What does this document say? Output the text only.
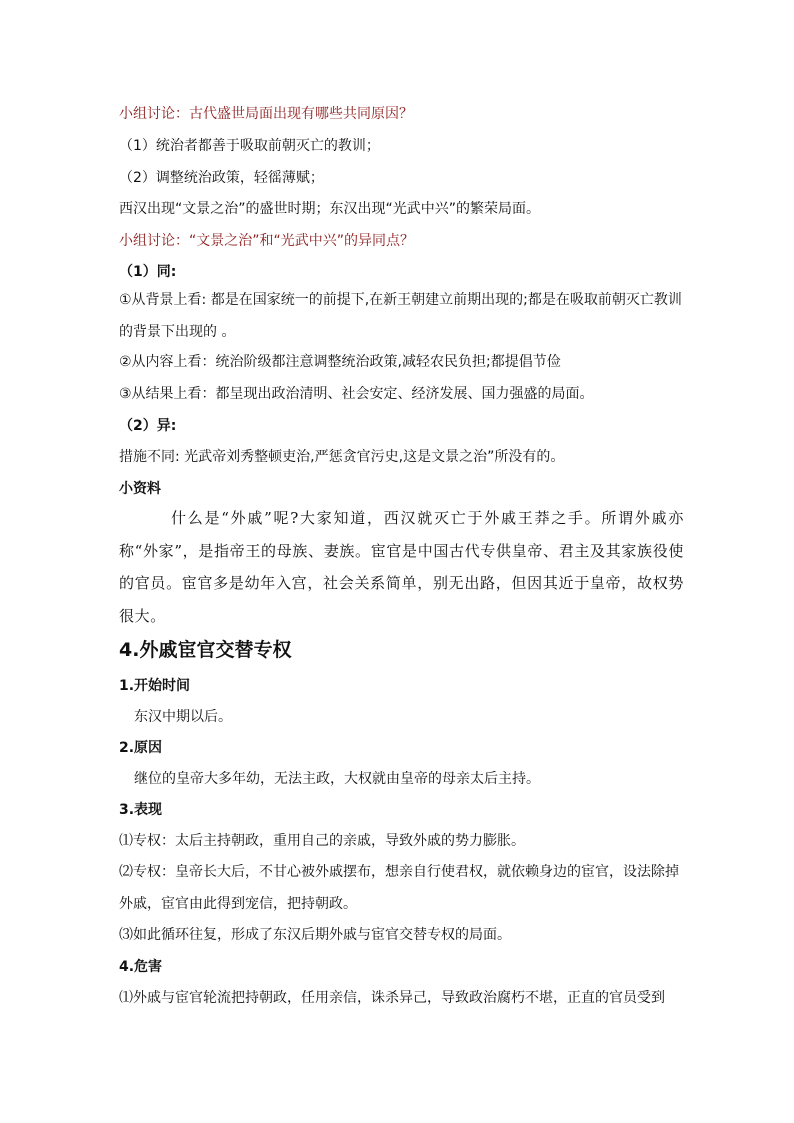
小组讨论：古代盛世局面出现有哪些共同原因？
（1）统治者都善于吸取前朝灭亡的教训；
（2）调整统治政策，轻徭薄赋；
西汉出现“文景之治”的盛世时期；东汉出现“光武中兴”的繁荣局面。
小组讨论：“文景之治”和“光武中兴”的异同点？
（1）同:
①从背景上看: 都是在国家统一的前提下,在新王朝建立前期出现的;都是在吸取前朝灭亡教训的背景下出现的 。
②从内容上看：统治阶级都注意调整统治政策,减轻农民负担;都提倡节俭
③从结果上看：都呈现出政治清明、社会安定、经济发展、国力强盛的局面。
（2）异:
措施不同: 光武帝刘秀整顿吏治,严惩贪官污史,这是文景之治”所没有的。
小资料
什么是“外戚”呢?大家知道，西汉就灭亡于外戚王莽之手。所谓外戚亦称“外家”，是指帝王的母族、妻族。宦官是中国古代专供皇帝、君主及其家族役使的官员。宦官多是幼年入宫，社会关系简单，别无出路，但因其近于皇帝，故权势很大。
4.外戚宦官交替专权
1.开始时间
东汉中期以后。
2.原因
继位的皇帝大多年幼，无法主政，大权就由皇帝的母亲太后主持。
3.表现
⑴专权：太后主持朝政，重用自己的亲戚，导致外戚的势力膨胀。
⑵专权：皇帝长大后，不甘心被外戚摆布，想亲自行使君权，就依赖身边的宦官，设法除掉外戚，宦官由此得到宠信，把持朝政。
⑶如此循环往复，形成了东汉后期外戚与宦官交替专权的局面。
4.危害
⑴外戚与宦官轮流把持朝政，任用亲信，诛杀异己，导致政治腐朽不堪，正直的官员受到
